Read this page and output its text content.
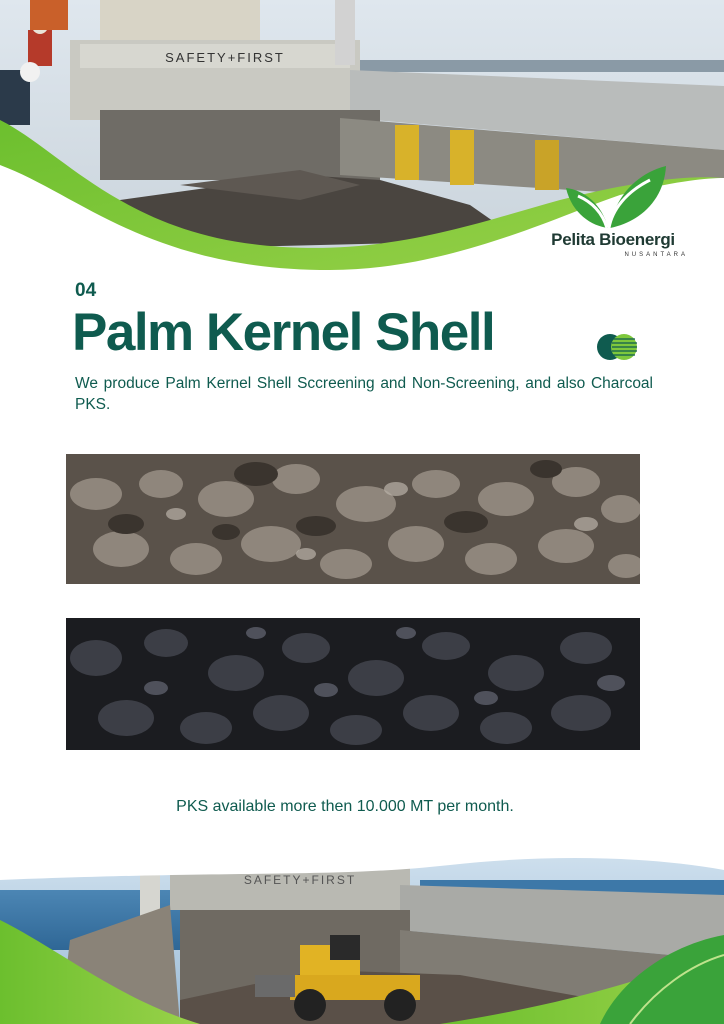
SAFETY+FIRST
Pelita Bioenergi
NUSANTARA
04
Palm Kernel Shell
We produce Palm Kernel Shell Sccreening and Non-Screening, and also Charcoal PKS.
PKS available more then 10.000 MT per month.
SAFETY+FIRST
